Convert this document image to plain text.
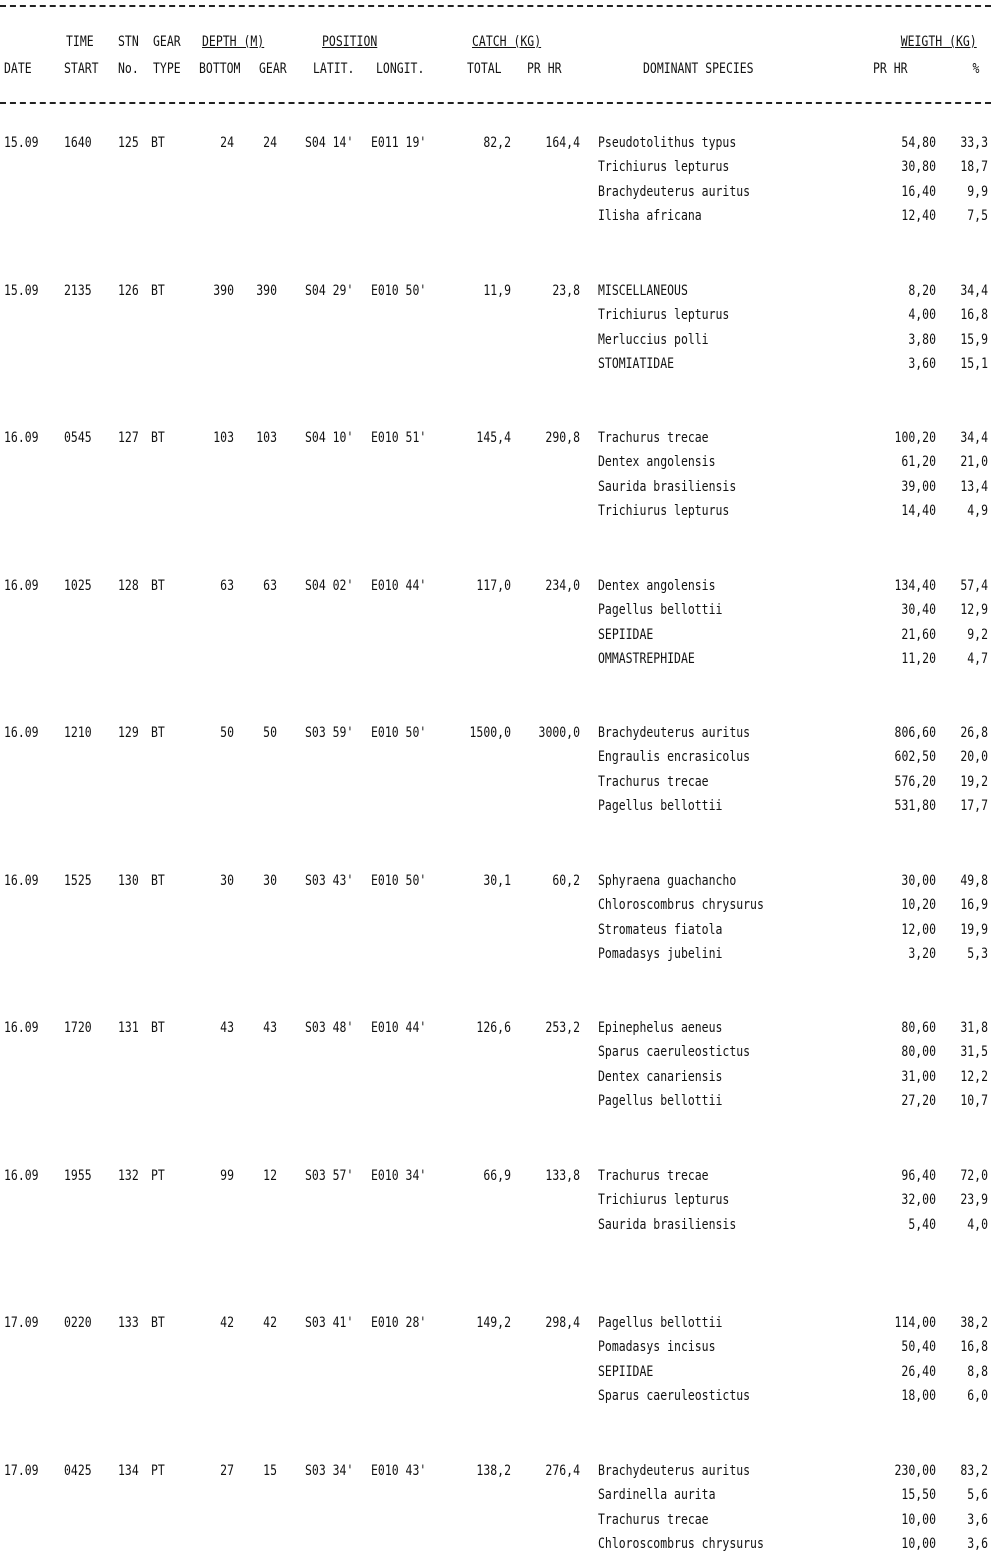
TIME STN GEAR DEPTH (M)	POSITION	CATCH (KG)	WEIGTH (KG)
DATE START No. TYPE BOTTOM GEAR LATIT. LONGIT.	TOTAL PR HR	DOMINANT SPECIES	PR HR	%
15.09 1640 125 BT	24	24 S04 14' E011 19'	82,2	164,4 Pseudotolithus typus	54,80	33,3
Trichiurus lepturus	30,80	18,7
Brachydeuterus auritus	16,40	9,9
Ilisha africana	12,40	7,5
15.09 2135 126 BT	390	390 S04 29' E010 50'	11,9	23,8 MISCELLANEOUS	8,20	34,4
Trichiurus lepturus	4,00	16,8
Merluccius polli	3,80	15,9
STOMIATIDAE	3,60	15,1
16.09 0545 127 BT	103	103 S04 10' E010 51'	145,4	290,8 Trachurus trecae	100,20	34,4
Dentex angolensis	61,20	21,0
Saurida brasiliensis	39,00	13,4
Trichiurus lepturus	14,40	4,9
16.09 1025 128 BT	63	63 S04 02' E010 44'	117,0	234,0 Dentex angolensis	134,40	57,4
Pagellus bellottii	30,40	12,9
SEPIIDAE	21,60	9,2
OMMASTREPHIDAE	11,20	4,7
16.09 1210 129 BT	50	50 S03 59' E010 50'	1500,0	3000,0 Brachydeuterus auritus	806,60	26,8
Engraulis encrasicolus	602,50	20,0
Trachurus trecae	576,20	19,2
Pagellus bellottii	531,80	17,7
16.09 1525 130 BT	30	30 S03 43' E010 50'	30,1	60,2 Sphyraena guachancho	30,00	49,8
Chloroscombrus chrysurus	10,20	16,9
Stromateus fiatola	12,00	19,9
Pomadasys jubelini	3,20	5,3
16.09 1720 131 BT	43	43 S03 48' E010 44'	126,6	253,2 Epinephelus aeneus	80,60	31,8
Sparus caeruleostictus	80,00	31,5
Dentex canariensis	31,00	12,2
Pagellus bellottii	27,20	10,7
16.09 1955 132 PT	99	12 S03 57' E010 34'	66,9	133,8 Trachurus trecae	96,40	72,0
Trichiurus lepturus	32,00	23,9
Saurida brasiliensis	5,40	4,0
17.09 0220 133 BT	42	42 S03 41' E010 28'	149,2	298,4 Pagellus bellottii	114,00	38,2
Pomadasys incisus	50,40	16,8
SEPIIDAE	26,40	8,8
Sparus caeruleostictus	18,00	6,0
17.09 0425 134 PT	27	15 S03 34' E010 43'	138,2	276,4 Brachydeuterus auritus	230,00	83,2
Sardinella aurita	15,50	5,6
Trachurus trecae	10,00	3,6
Chloroscombrus chrysurus	10,00	3,6
